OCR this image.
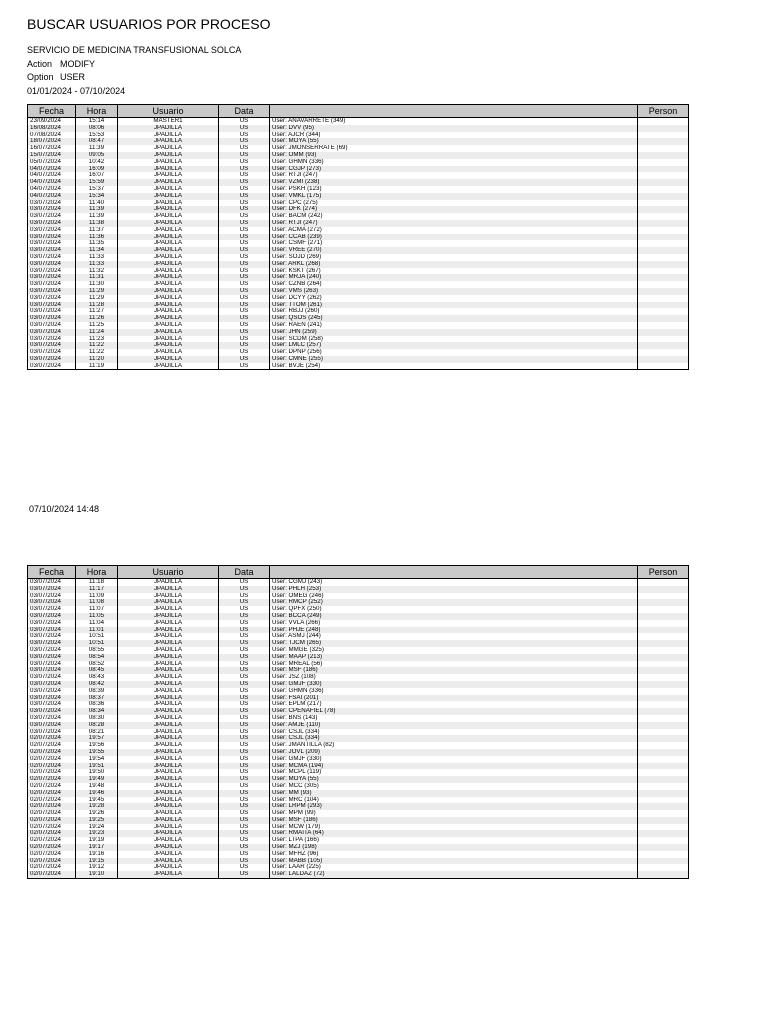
BUSCAR USUARIOS POR PROCESO
SERVICIO DE MEDICINA TRANSFUSIONAL SOLCA
Action MODIFY
Option USER
01/01/2024 - 07/10/2024
Fecha	Hora	Usuario	Data		Person
23/09/2024	15:14	MASTER1	US	User: ANAVARRETE (349)	
16/08/2024	08:06	JPADILLA	US	User: DVV (95)	
07/08/2024	15:53	JPADILLA	US	User: AJCR (344)	
18/07/2024	08:47	JPADILLA	US	User: MOYA (55)	
16/07/2024	11:39	JPADILLA	US	User: JMONSERRATE (69)	
15/07/2024	09:05	JPADILLA	US	User: OMM (93)	
05/07/2024	10:42	JPADILLA	US	User: GHMN (336)	
04/07/2024	16:09	JPADILLA	US	User: CGJP (273)	
04/07/2024	16:07	JPADILLA	US	User: RTJI (247)	
04/07/2024	15:59	JPADILLA	US	User: VZMI (238)	
04/07/2024	15:37	JPADILLA	US	User: PSKH (123)	
04/07/2024	15:34	JPADILLA	US	User: VMKL (175)	
03/07/2024	11:40	JPADILLA	US	User: CPC (275)	
03/07/2024	11:39	JPADILLA	US	User: DFK (274)	
03/07/2024	11:39	JPADILLA	US	User: BACM (242)	
03/07/2024	11:38	JPADILLA	US	User: RTJI (247)	
03/07/2024	11:37	JPADILLA	US	User: ACMA (272)	
03/07/2024	11:36	JPADILLA	US	User: CCAB (239)	
03/07/2024	11:35	JPADILLA	US	User: CSMF (271)	
03/07/2024	11:34	JPADILLA	US	User: VREE (270)	
03/07/2024	11:33	JPADILLA	US	User: SOJD (269)	
03/07/2024	11:33	JPADILLA	US	User: ARKL (268)	
03/07/2024	11:32	JPADILLA	US	User: KSKT (267)	
03/07/2024	11:31	JPADILLA	US	User: MRJA (240)	
03/07/2024	11:30	JPADILLA	US	User: CZNB (264)	
03/07/2024	11:29	JPADILLA	US	User: VMS (263)	
03/07/2024	11:29	JPADILLA	US	User: DCYY (262)	
03/07/2024	11:28	JPADILLA	US	User: TTOM (261)	
03/07/2024	11:27	JPADILLA	US	User: RBJJ (260)	
03/07/2024	11:26	JPADILLA	US	User: QSOS (245)	
03/07/2024	11:25	JPADILLA	US	User: RAEN (241)	
03/07/2024	11:24	JPADILLA	US	User: JHN (259)	
03/07/2024	11:23	JPADILLA	US	User: SCDM (258)	
03/07/2024	11:22	JPADILLA	US	User: LMLC (257)	
03/07/2024	11:22	JPADILLA	US	User: DPNP (256)	
03/07/2024	11:20	JPADILLA	US	User: CMNE (255)	
03/07/2024	11:19	JPADILLA	US	User: BVJE (254)	
07/10/2024 14:48
Fecha	Hora	Usuario	Data		Person
03/07/2024	11:18	JPADILLA	US	User: CGMJ (243)	
03/07/2024	11:17	JPADILLA	US	User: PHLH (253)	
03/07/2024	11:09	JPADILLA	US	User: OMEG (246)	
03/07/2024	11:08	JPADILLA	US	User: RMCP (252)	
03/07/2024	11:07	JPADILLA	US	User: QPFX (250)	
03/07/2024	11:05	JPADILLA	US	User: BCCA (249)	
03/07/2024	11:04	JPADILLA	US	User: VVLA (266)	
03/07/2024	11:01	JPADILLA	US	User: PHJE (248)	
03/07/2024	10:51	JPADILLA	US	User: ASMJ (244)	
03/07/2024	10:51	JPADILLA	US	User: TJCM (265)	
03/07/2024	08:55	JPADILLA	US	User: MMGE (325)	
03/07/2024	08:54	JPADILLA	US	User: MAAP (213)	
03/07/2024	08:52	JPADILLA	US	User: MREAL (56)	
03/07/2024	08:45	JPADILLA	US	User: MSF (186)	
03/07/2024	08:43	JPADILLA	US	User: JSZ (108)	
03/07/2024	08:42	JPADILLA	US	User: GMJF (330)	
03/07/2024	08:39	JPADILLA	US	User: GHMN (336)	
03/07/2024	08:37	JPADILLA	US	User: FSAI (201)	
03/07/2024	08:36	JPADILLA	US	User: EPLM (217)	
03/07/2024	08:34	JPADILLA	US	User: CPEÑAFIEL (78)	
03/07/2024	08:30	JPADILLA	US	User: BNS (143)	
03/07/2024	08:28	JPADILLA	US	User: AMJE (110)	
03/07/2024	08:21	JPADILLA	US	User: CSJL (334)	
02/07/2024	19:57	JPADILLA	US	User: CSJL (334)	
02/07/2024	19:56	JPADILLA	US	User: JMANTILLA (82)	
02/07/2024	19:55	JPADILLA	US	User: JOVL (209)	
02/07/2024	19:54	JPADILLA	US	User: GMJF (330)	
02/07/2024	19:51	JPADILLA	US	User: MCMA (194)	
02/07/2024	19:50	JPADILLA	US	User: MCPL (119)	
02/07/2024	19:49	JPADILLA	US	User: MOYA (55)	
02/07/2024	19:48	JPADILLA	US	User: MCC (305)	
02/07/2024	19:46	JPADILLA	US	User: MM (93)	
02/07/2024	19:45	JPADILLA	US	User: MRC (104)	
02/07/2024	19:28	JPADILLA	US	User: LRPM (293)	
02/07/2024	19:26	JPADILLA	US	User: MPM (99)	
02/07/2024	19:25	JPADILLA	US	User: MSF (186)	
02/07/2024	19:24	JPADILLA	US	User: MCW (179)	
02/07/2024	19:23	JPADILLA	US	User: RMAITA (64)	
02/07/2024	19:19	JPADILLA	US	User: LTPA (166)	
02/07/2024	19:17	JPADILLA	US	User: MZJ (198)	
02/07/2024	19:16	JPADILLA	US	User: MFHZ (96)	
02/07/2024	19:15	JPADILLA	US	User: MABB (105)	
02/07/2024	19:12	JPADILLA	US	User: LAAR (225)	
02/07/2024	19:10	JPADILLA	US	User: LALDAZ (72)	
